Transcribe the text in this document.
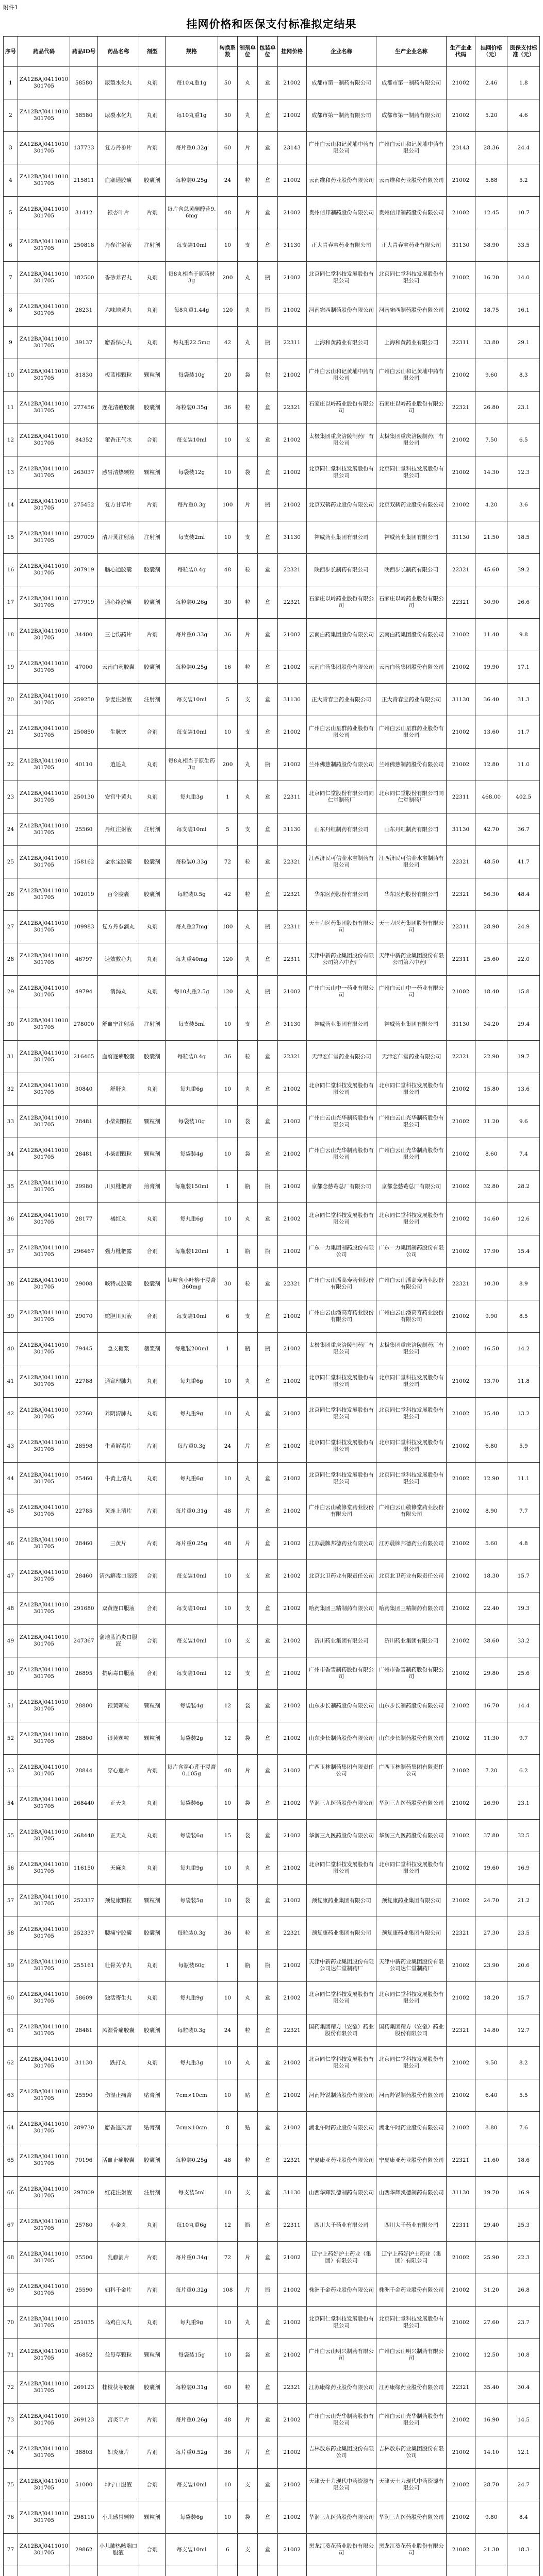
附件1
挂网价格和医保支付标准拟定结果
序号	药品代码	药品ID号	药品名称	剂型	规格	转换系数	制剂单位	包装单位	挂网价格	企业名称	生产企业名称	生产企业代码	挂网价格（元）	医保支付标准（元）
1	ZA12BAJ0411010301705	58580	尿裂水化丸	丸剂	每10丸重1g	50	丸	盒	21002	成都市第一制药有限公司	成都市第一制药有限公司	21002	2.46	1.8
2	ZA12BAJ0411010301705	58580	尿裂水化丸	丸剂	每10丸重1g	50	丸	盒	21002	成都市第一制药有限公司	成都市第一制药有限公司	21002	5.20	4.6
3	ZA12BAJ0411010301705	137733	复方丹参片	片剂	每片重0.32g	60	片	盒	23143	广州白云山和记黄埔中药有限公司	广州白云山和记黄埔中药有限公司	23143	28.36	24.4
4	ZA12BAJ0411010301705	215811	血塞通胶囊	胶囊剂	每粒装0.25g	24	粒	盒	21002	云南维和药业股份有限公司	云南维和药业股份有限公司	21002	5.88	5.2
5	ZA12BAJ0411010301705	31412	银杏叶片	片剂	每片含总黄酮醇苷9.6mg	48	片	盒	21002	贵州信邦制药股份有限公司	贵州信邦制药股份有限公司	21002	12.45	10.7
6	ZA12BAJ0411010301705	250818	丹参注射液	注射剂	每支装10ml	10	支	盒	31130	正大青春宝药业有限公司	正大青春宝药业有限公司	31130	38.90	33.5
7	ZA12BAJ0411010301705	182500	香砂养胃丸	丸剂	每8丸相当于原药材3g	200	丸	瓶	21002	北京同仁堂科技发展股份有限公司	北京同仁堂科技发展股份有限公司	21002	16.20	14.0
8	ZA12BAJ0411010301705	28231	六味地黄丸	丸剂	每8丸重1.44g	120	丸	瓶	21002	河南宛西制药股份有限公司	河南宛西制药股份有限公司	21002	18.75	16.1
9	ZA12BAJ0411010301705	39137	麝香保心丸	丸剂	每丸重22.5mg	42	丸	瓶	22311	上海和黄药业有限公司	上海和黄药业有限公司	22311	33.80	29.1
10	ZA12BAJ0411010301705	81830	板蓝根颗粒	颗粒剂	每袋装10g	20	袋	包	21002	广州白云山和记黄埔中药有限公司	广州白云山和记黄埔中药有限公司	21002	9.60	8.3
11	ZA12BAJ0411010301705	277456	连花清瘟胶囊	胶囊剂	每粒装0.35g	36	粒	盒	22321	石家庄以岭药业股份有限公司	石家庄以岭药业股份有限公司	22321	26.80	23.1
12	ZA12BAJ0411010301705	84352	藿香正气水	合剂	每支装10ml	10	支	盒	21002	太极集团重庆涪陵制药厂有限公司	太极集团重庆涪陵制药厂有限公司	21002	7.50	6.5
13	ZA12BAJ0411010301705	263037	感冒清热颗粒	颗粒剂	每袋装12g	10	袋	盒	21002	北京同仁堂科技发展股份有限公司	北京同仁堂科技发展股份有限公司	21002	14.30	12.3
14	ZA12BAJ0411010301705	275452	复方甘草片	片剂	每片重0.3g	100	片	瓶	21002	北京双鹤药业股份有限公司	北京双鹤药业股份有限公司	21002	4.20	3.6
15	ZA12BAJ0411010301705	297009	清开灵注射液	注射剂	每支装2ml	10	支	盒	31130	神威药业集团有限公司	神威药业集团有限公司	31130	21.50	18.5
16	ZA12BAJ0411010301705	207919	脑心通胶囊	胶囊剂	每粒装0.4g	48	粒	盒	22321	陕西步长制药有限公司	陕西步长制药有限公司	22321	45.60	39.2
17	ZA12BAJ0411010301705	277919	通心络胶囊	胶囊剂	每粒装0.26g	30	粒	盒	22321	石家庄以岭药业股份有限公司	石家庄以岭药业股份有限公司	22321	30.90	26.6
18	ZA12BAJ0411010301705	34400	三七伤药片	片剂	每片重0.33g	36	片	盒	21002	云南白药集团股份有限公司	云南白药集团股份有限公司	21002	11.40	9.8
19	ZA12BAJ0411010301705	47000	云南白药胶囊	胶囊剂	每粒装0.25g	16	粒	盒	21002	云南白药集团股份有限公司	云南白药集团股份有限公司	21002	19.90	17.1
20	ZA12BAJ0411010301705	259250	参麦注射液	注射剂	每支装10ml	5	支	盒	31130	正大青春宝药业有限公司	正大青春宝药业有限公司	31130	36.40	31.3
21	ZA12BAJ0411010301705	250850	生脉饮	合剂	每支装10ml	10	支	盒	21002	广州白云山星群药业股份有限公司	广州白云山星群药业股份有限公司	21002	13.60	11.7
22	ZA12BAJ0411010301705	40110	逍遥丸	丸剂	每8丸相当于原生药3g	200	丸	瓶	21002	兰州佛慈制药股份有限公司	兰州佛慈制药股份有限公司	21002	12.80	11.0
23	ZA12BAJ0411010301705	250130	安宫牛黄丸	丸剂	每丸重3g	1	丸	盒	22311	北京同仁堂股份有限公司同仁堂制药厂	北京同仁堂股份有限公司同仁堂制药厂	22311	468.00	402.5
24	ZA12BAJ0411010301705	25560	丹红注射液	注射剂	每支装10ml	5	支	盒	31130	山东丹红制药有限公司	山东丹红制药有限公司	31130	42.70	36.7
25	ZA12BAJ0411010301705	158162	金水宝胶囊	胶囊剂	每粒装0.33g	72	粒	盒	22321	江西济民可信金水宝制药有限公司	江西济民可信金水宝制药有限公司	22321	48.50	41.7
26	ZA12BAJ0411010301705	102019	百令胶囊	胶囊剂	每粒装0.5g	42	粒	盒	22321	华东医药股份有限公司	华东医药股份有限公司	22321	56.30	48.4
27	ZA12BAJ0411010301705	109983	复方丹参滴丸	丸剂	每丸重27mg	180	丸	瓶	22311	天士力医药集团股份有限公司	天士力医药集团股份有限公司	22311	28.90	24.9
28	ZA12BAJ0411010301705	46797	速效救心丸	丸剂	每丸重40mg	120	丸	盒	22311	天津中新药业集团股份有限公司第六中药厂	天津中新药业集团股份有限公司第六中药厂	22311	25.60	22.0
29	ZA12BAJ0411010301705	49794	消渴丸	丸剂	每10丸重2.5g	120	丸	瓶	21002	广州白云山中一药业有限公司	广州白云山中一药业有限公司	21002	18.40	15.8
30	ZA12BAJ0411010301705	278000	舒血宁注射液	注射剂	每支装5ml	10	支	盒	31130	神威药业集团有限公司	神威药业集团有限公司	31130	34.20	29.4
31	ZA12BAJ0411010301705	216465	血府逐瘀胶囊	胶囊剂	每粒装0.4g	36	粒	盒	22321	天津宏仁堂药业有限公司	天津宏仁堂药业有限公司	22321	22.90	19.7
32	ZA12BAJ0411010301705	30840	舒肝丸	丸剂	每丸重6g	10	丸	盒	21002	北京同仁堂科技发展股份有限公司	北京同仁堂科技发展股份有限公司	21002	15.80	13.6
33	ZA12BAJ0411010301705	28481	小柴胡颗粒	颗粒剂	每袋装10g	10	袋	盒	21002	广州白云山光华制药股份有限公司	广州白云山光华制药股份有限公司	21002	11.20	9.6
34	ZA12BAJ0411010301705	28481	小柴胡颗粒	颗粒剂	每袋装4g	10	袋	盒	21002	广州白云山光华制药股份有限公司	广州白云山光华制药股份有限公司	21002	8.60	7.4
35	ZA12BAJ0411010301705	29980	川贝枇杷膏	煎膏剂	每瓶装150ml	1	瓶	瓶	21002	京都念慈菴总厂有限公司	京都念慈菴总厂有限公司	21002	32.80	28.2
36	ZA12BAJ0411010301705	28177	橘红丸	丸剂	每丸重6g	10	丸	盒	21002	北京同仁堂科技发展股份有限公司	北京同仁堂科技发展股份有限公司	21002	14.60	12.6
37	ZA12BAJ0411010301705	296467	强力枇杷露	合剂	每瓶装120ml	1	瓶	瓶	21002	广东一力集团制药股份有限公司	广东一力集团制药股份有限公司	21002	17.90	15.4
38	ZA12BAJ0411010301705	29008	咳特灵胶囊	胶囊剂	每粒含小叶榕干浸膏360mg	30	粒	盒	22321	广州白云山潘高寿药业股份有限公司	广州白云山潘高寿药业股份有限公司	22321	10.30	8.9
39	ZA12BAJ0411010301705	29070	蛇胆川贝液	合剂	每支装10ml	6	支	盒	21002	广州白云山潘高寿药业股份有限公司	广州白云山潘高寿药业股份有限公司	21002	9.90	8.5
40	ZA12BAJ0411010301705	79445	急支糖浆	糖浆剂	每瓶装200ml	1	瓶	瓶	21002	太极集团重庆涪陵制药厂有限公司	太极集团重庆涪陵制药厂有限公司	21002	16.50	14.2
41	ZA12BAJ0411010301705	22788	通宣理肺丸	丸剂	每丸重6g	10	丸	盒	21002	北京同仁堂科技发展股份有限公司	北京同仁堂科技发展股份有限公司	21002	13.70	11.8
42	ZA12BAJ0411010301705	22760	养阴清肺丸	丸剂	每丸重9g	10	丸	盒	21002	北京同仁堂科技发展股份有限公司	北京同仁堂科技发展股份有限公司	21002	15.40	13.2
43	ZA12BAJ0411010301705	28598	牛黄解毒片	片剂	每片重0.3g	24	片	盒	21002	北京同仁堂科技发展股份有限公司	北京同仁堂科技发展股份有限公司	21002	6.80	5.9
44	ZA12BAJ0411010301705	25460	牛黄上清丸	丸剂	每丸重6g	10	丸	盒	21002	北京同仁堂科技发展股份有限公司	北京同仁堂科技发展股份有限公司	21002	12.90	11.1
45	ZA12BAJ0411010301705	22785	黄连上清片	片剂	每片重0.31g	48	片	盒	21002	广州白云山敬修堂药业股份有限公司	广州白云山敬修堂药业股份有限公司	21002	8.90	7.7
46	ZA12BAJ0411010301705	28460	三黄片	片剂	每片重0.25g	48	片	盒	21002	江苏晨牌邦德药业有限公司	江苏晨牌邦德药业有限公司	21002	5.60	4.8
47	ZA12BAJ0411010301705	28460	清热解毒口服液	合剂	每支装10ml	10	支	盒	21002	北京北卫药业有限责任公司	北京北卫药业有限责任公司	21002	18.30	15.7
48	ZA12BAJ0411010301705	291680	双黄连口服液	合剂	每支装10ml	10	支	盒	21002	哈药集团三精制药有限公司	哈药集团三精制药有限公司	21002	22.40	19.3
49	ZA12BAJ0411010301705	247367	蒲地蓝消炎口服液	合剂	每支装10ml	10	支	盒	21002	济川药业集团有限公司	济川药业集团有限公司	21002	38.60	33.2
50	ZA12BAJ0411010301705	26895	抗病毒口服液	合剂	每支装10ml	12	支	盒	21002	广州市香雪制药股份有限公司	广州市香雪制药股份有限公司	21002	29.80	25.6
51	ZA12BAJ0411010301705	28800	银黄颗粒	颗粒剂	每袋装4g	12	袋	盒	21002	山东步长制药股份有限公司	山东步长制药股份有限公司	21002	16.70	14.4
52	ZA12BAJ0411010301705	28800	银黄颗粒	颗粒剂	每袋装2g	12	袋	盒	21002	山东步长制药股份有限公司	山东步长制药股份有限公司	21002	11.30	9.7
53	ZA12BAJ0411010301705	28844	穿心莲片	片剂	每片含穿心莲干浸膏0.105g	48	片	盒	21002	广西玉林制药集团有限责任公司	广西玉林制药集团有限责任公司	21002	7.20	6.2
54	ZA12BAJ0411010301705	268440	正天丸	丸剂	每袋装6g	10	袋	盒	21002	华润三九医药股份有限公司	华润三九医药股份有限公司	21002	26.90	23.1
55	ZA12BAJ0411010301705	268440	正天丸	丸剂	每袋装6g	15	袋	盒	21002	华润三九医药股份有限公司	华润三九医药股份有限公司	21002	37.80	32.5
56	ZA12BAJ0411010301705	116150	天麻丸	丸剂	每丸重9g	10	丸	盒	21002	北京同仁堂科技发展股份有限公司	北京同仁堂科技发展股份有限公司	21002	19.60	16.9
57	ZA12BAJ0411010301705	252337	颈复康颗粒	颗粒剂	每袋装5g	10	袋	盒	21002	颈复康药业集团有限公司	颈复康药业集团有限公司	21002	24.70	21.2
58	ZA12BAJ0411010301705	252337	腰痛宁胶囊	胶囊剂	每粒装0.3g	36	粒	盒	22321	颈复康药业集团有限公司	颈复康药业集团有限公司	22321	27.30	23.5
59	ZA12BAJ0411010301705	255161	壮骨关节丸	丸剂	每瓶装60g	1	瓶	瓶	21002	天津中新药业集团股份有限公司达仁堂制药厂	天津中新药业集团股份有限公司达仁堂制药厂	21002	23.90	20.6
60	ZA12BAJ0411010301705	58609	独活寄生丸	丸剂	每丸重9g	10	丸	盒	21002	北京同仁堂科技发展股份有限公司	北京同仁堂科技发展股份有限公司	21002	18.20	15.7
61	ZA12BAJ0411010301705	28481	风湿骨痛胶囊	胶囊剂	每粒装0.3g	24	粒	盒	22321	国药集团精方（安徽）药业股份有限公司	国药集团精方（安徽）药业股份有限公司	22321	14.80	12.7
62	ZA12BAJ0411010301705	31130	跌打丸	丸剂	每丸重3g	10	丸	盒	21002	北京同仁堂科技发展股份有限公司	北京同仁堂科技发展股份有限公司	21002	9.50	8.2
63	ZA12BAJ0411010301705	25590	伤湿止痛膏	贴膏剂	7cm×10cm	10	贴	盒	21002	河南羚锐制药股份有限公司	河南羚锐制药股份有限公司	21002	6.40	5.5
64	ZA12BAJ0411010301705	289730	麝香追风膏	贴膏剂	7cm×10cm	8	贴	盒	21002	湖北午时药业股份有限公司	湖北午时药业股份有限公司	21002	8.80	7.6
65	ZA12BAJ0411010301705	70196	活血止痛胶囊	胶囊剂	每粒装0.25g	48	粒	盒	22321	宁夏康亚药业股份有限公司	宁夏康亚药业股份有限公司	22321	21.60	18.6
66	ZA12BAJ0411010301705	297009	红花注射液	注射剂	每支装5ml	10	支	盒	31130	山西华辉凯德制药有限公司	山西华辉凯德制药有限公司	31130	19.70	16.9
67	ZA12BAJ0411010301705	25780	小金丸	丸剂	每10丸重6g	12	瓶	盒	22311	四川大千药业有限公司	四川大千药业有限公司	22311	29.40	25.3
68	ZA12BAJ0411010301705	25500	乳癖消片	片剂	每片重0.34g	72	片	盒	21002	辽宁上药好护士药业（集团）有限公司	辽宁上药好护士药业（集团）有限公司	21002	25.90	22.3
69	ZA12BAJ0411010301705	25590	妇科千金片	片剂	每片重0.32g	108	片	瓶	21002	株洲千金药业股份有限公司	株洲千金药业股份有限公司	21002	31.20	26.8
70	ZA12BAJ0411010301705	251035	乌鸡白凤丸	丸剂	每丸重9g	10	丸	盒	21002	北京同仁堂科技发展股份有限公司	北京同仁堂科技发展股份有限公司	21002	27.60	23.7
71	ZA12BAJ0411010301705	46852	益母草颗粒	颗粒剂	每袋装15g	10	袋	盒	21002	广州白云山明兴制药有限公司	广州白云山明兴制药有限公司	21002	12.50	10.8
72	ZA12BAJ0411010301705	269123	桂枝茯苓胶囊	胶囊剂	每粒装0.31g	60	粒	盒	22321	江苏康缘药业股份有限公司	江苏康缘药业股份有限公司	22321	35.40	30.4
73	ZA12BAJ0411010301705	269123	宫炎平片	片剂	每片重0.26g	48	片	盒	21002	广州白云山光华制药股份有限公司	广州白云山光华制药股份有限公司	21002	16.90	14.5
74	ZA12BAJ0411010301705	38803	妇炎康片	片剂	每片重0.52g	36	片	盒	21002	吉林敖东药业集团股份有限公司	吉林敖东药业集团股份有限公司	21002	14.10	12.1
75	ZA12BAJ0411010301705	51000	坤宁口服液	合剂	每支装10ml	10	支	盒	21002	天津天士力现代中药资源有限公司	天津天士力现代中药资源有限公司	21002	28.70	24.7
76	ZA12BAJ0411010301705	298110	小儿感冒颗粒	颗粒剂	每袋装6g	10	袋	盒	21002	华润三九医药股份有限公司	华润三九医药股份有限公司	21002	9.80	8.4
77	ZA12BAJ0411010301705	29862	小儿肺热咳喘口服液	合剂	每支装10ml	6	支	盒	21002	黑龙江葵花药业股份有限公司	黑龙江葵花药业股份有限公司	21002	21.30	18.3
